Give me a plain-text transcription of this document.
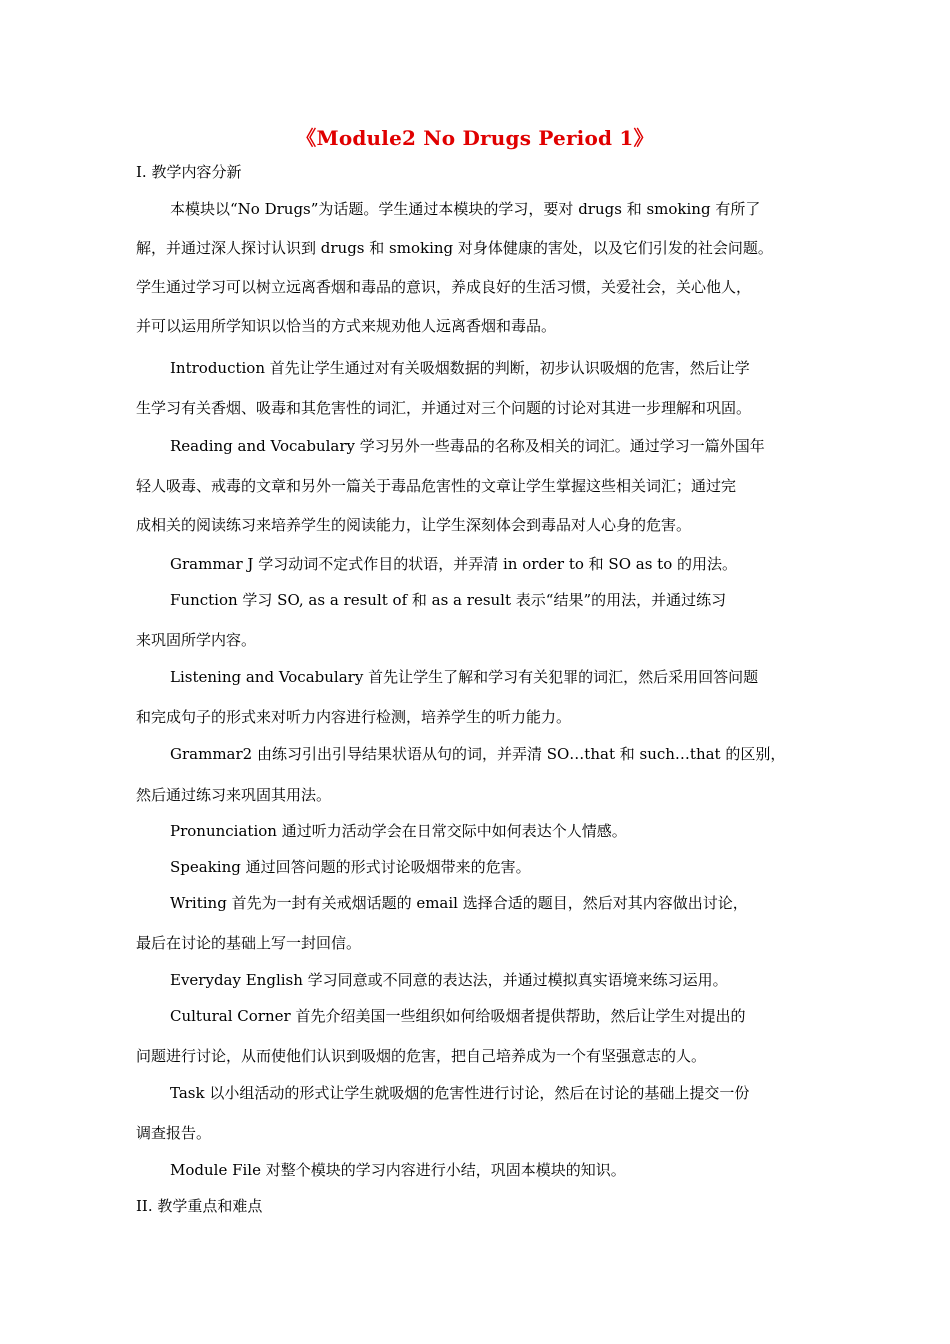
《Module2 No Drugs Period 1》
I. 教学内容分新
本模块以“No Drugs”为话题。学生通过本模块的学习，要对 drugs 和 smoking 有所了
解，并通过深人探讨认识到 drugs 和 smoking 对身体健康的害处，以及它们引发的社会问题。
学生通过学习可以树立远离香烟和毒品的意识，养成良好的生活习惯，关爱社会，关心他人，
并可以运用所学知识以恰当的方式来规劝他人远离香烟和毒品。
Introduction 首先让学生通过对有关吸烟数据的判断，初步认识吸烟的危害，然后让学
生学习有关香烟、吸毒和其危害性的词汇，并通过对三个问题的讨论对其进一步理解和巩固。
Reading and Vocabulary 学习另外一些毒品的名称及相关的词汇。通过学习一篇外国年
轻人吸毒、戒毒的文章和另外一篇关于毒品危害性的文章让学生掌握这些相关词汇；通过完
成相关的阅读练习来培养学生的阅读能力，让学生深刻体会到毒品对人心身的危害。
Grammar J 学习动词不定式作目的状语，并弄清 in order to 和 SO as to 的用法。
Function 学习 SO, as a result of 和 as a result 表示“结果”的用法，并通过练习
来巩固所学内容。
Listening and Vocabulary 首先让学生了解和学习有关犯罪的词汇，然后采用回答问题
和完成句子的形式来对听力内容进行检测，培养学生的听力能力。
Grammar2 由练习引出引导结果状语从句的词，并弄清 SO…that 和 such…that 的区别，
然后通过练习来巩固其用法。
Pronunciation 通过听力活动学会在日常交际中如何表达个人情感。
Speaking 通过回答问题的形式讨论吸烟带来的危害。
Writing 首先为一封有关戒烟话题的 email 选择合适的题目，然后对其内容做出讨论，
最后在讨论的基础上写一封回信。
Everyday English 学习同意或不同意的表达法，并通过模拟真实语境来练习运用。
Cultural Corner 首先介绍美国一些组织如何给吸烟者提供帮助，然后让学生对提出的
问题进行讨论，从而使他们认识到吸烟的危害，把自己培养成为一个有坚强意志的人。
Task 以小组活动的形式让学生就吸烟的危害性进行讨论，然后在讨论的基础上提交一份
调查报告。
Module File 对整个模块的学习内容进行小结，巩固本模块的知识。
II. 教学重点和难点
